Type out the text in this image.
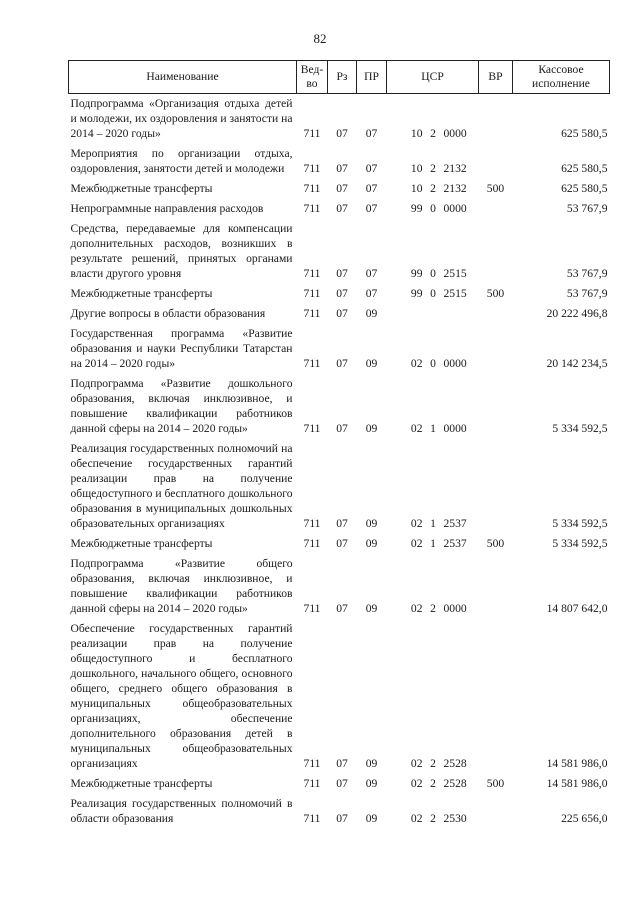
82
Наименование	Вед-во	Рз	ПР	ЦСР			ВР	Кассовое исполнение
Подпрограмма «Организация отдыха детей и молодежи, их оздоровления и занятости на 2014 – 2020 годы»	711	07	07	10	2	0000		625 580,5
Мероприятия по организации отдыха, оздоровления, занятости детей и молодежи	711	07	07	10	2	2132		625 580,5
Межбюджетные трансферты	711	07	07	10	2	2132	500	625 580,5
Непрограммные направления расходов	711	07	07	99	0	0000		53 767,9
Средства, передаваемые для компенсации дополнительных расходов, возникших в результате решений, принятых органами власти другого уровня	711	07	07	99	0	2515		53 767,9
Межбюджетные трансферты	711	07	07	99	0	2515	500	53 767,9
Другие вопросы в области образования	711	07	09					20 222 496,8
Государственная программа «Развитие образования и науки Республики Татарстан на 2014 – 2020 годы»	711	07	09	02	0	0000		20 142 234,5
Подпрограмма «Развитие дошкольного образования, включая инклюзивное, и повышение квалификации работников данной сферы на 2014 – 2020 годы»	711	07	09	02	1	0000		5 334 592,5
Реализация государственных полномочий на обеспечение государственных гарантий реализации прав на получение общедоступного и бесплатного дошкольного образования в муниципальных дошкольных образовательных организациях	711	07	09	02	1	2537		5 334 592,5
Межбюджетные трансферты	711	07	09	02	1	2537	500	5 334 592,5
Подпрограмма «Развитие общего образования, включая инклюзивное, и повышение квалификации работников данной сферы на 2014 – 2020 годы»	711	07	09	02	2	0000		14 807 642,0
Обеспечение государственных гарантий реализации прав на получение общедоступного и бесплатного дошкольного, начального общего, основного общего, среднего общего образования в муниципальных общеобразовательных организациях, обеспечение дополнительного образования детей в муниципальных общеобразовательных организациях	711	07	09	02	2	2528		14 581 986,0
Межбюджетные трансферты	711	07	09	02	2	2528	500	14 581 986,0
Реализация государственных полномочий в области образования	711	07	09	02	2	2530		225 656,0
